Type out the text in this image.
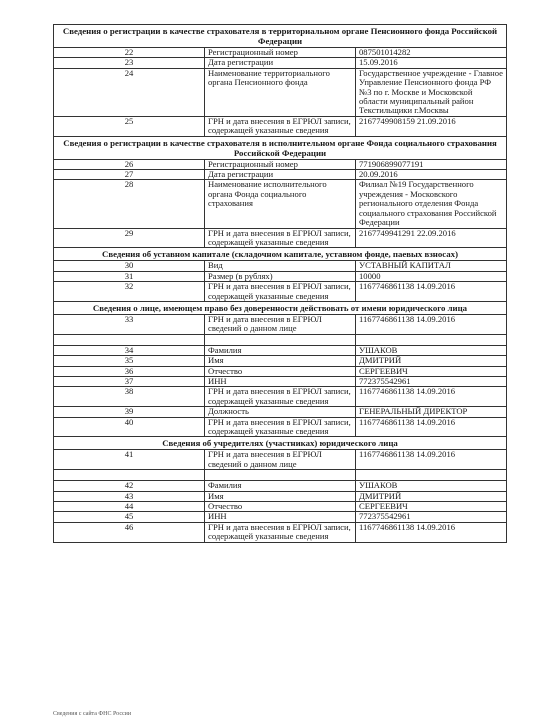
Сведения о регистрации в качестве страхователя в территориальном органе Пенсионного фонда Российской Федерации		
22	Регистрационный номер	087501014282
23	Дата регистрации	15.09.2016
24	Наименование территориального органа Пенсионного фонда	Государственное учреждение - Главное Управление Пенсионного фонда РФ №3 по г. Москве и Московской области муниципальный район Текстильщики г.Москвы
25	ГРН и дата внесения в ЕГРЮЛ записи, содержащей указанные сведения	2167749908159 21.09.2016
Сведения о регистрации в качестве страхователя в исполнительном органе Фонда социального страхования Российской Федерации		
26	Регистрационный номер	771906899077191
27	Дата регистрации	20.09.2016
28	Наименование исполнительного органа Фонда социального страхования	Филиал №19 Государственного учреждения - Московского регионального отделения Фонда социального страхования Российской Федерации
29	ГРН и дата внесения в ЕГРЮЛ записи, содержащей указанные сведения	2167749941291 22.09.2016
Сведения об уставном капитале (складочном капитале, уставном фонде, паевых взносах)		
30	Вид	УСТАВНЫЙ КАПИТАЛ
31	Размер (в рублях)	10000
32	ГРН и дата внесения в ЕГРЮЛ записи, содержащей указанные сведения	1167746861138 14.09.2016
Сведения о лице, имеющем право без доверенности действовать от имени юридического лица		
33	ГРН и дата внесения в ЕГРЮЛ сведений о данном лице	1167746861138 14.09.2016

34	Фамилия	УШАКОВ
35	Имя	ДМИТРИЙ
36	Отчество	СЕРГЕЕВИЧ
37	ИНН	772375542961
38	ГРН и дата внесения в ЕГРЮЛ записи, содержащей указанные сведения	1167746861138 14.09.2016
39	Должность	ГЕНЕРАЛЬНЫЙ ДИРЕКТОР
40	ГРН и дата внесения в ЕГРЮЛ записи, содержащей указанные сведения	1167746861138 14.09.2016
Сведения об учредителях (участниках) юридического лица		
41	ГРН и дата внесения в ЕГРЮЛ сведений о данном лице	1167746861138 14.09.2016

42	Фамилия	УШАКОВ
43	Имя	ДМИТРИЙ
44	Отчество	СЕРГЕЕВИЧ
45	ИНН	772375542961
46	ГРН и дата внесения в ЕГРЮЛ записи, содержащей указанные сведения	1167746861138 14.09.2016
Сведения с сайта ФНС России
